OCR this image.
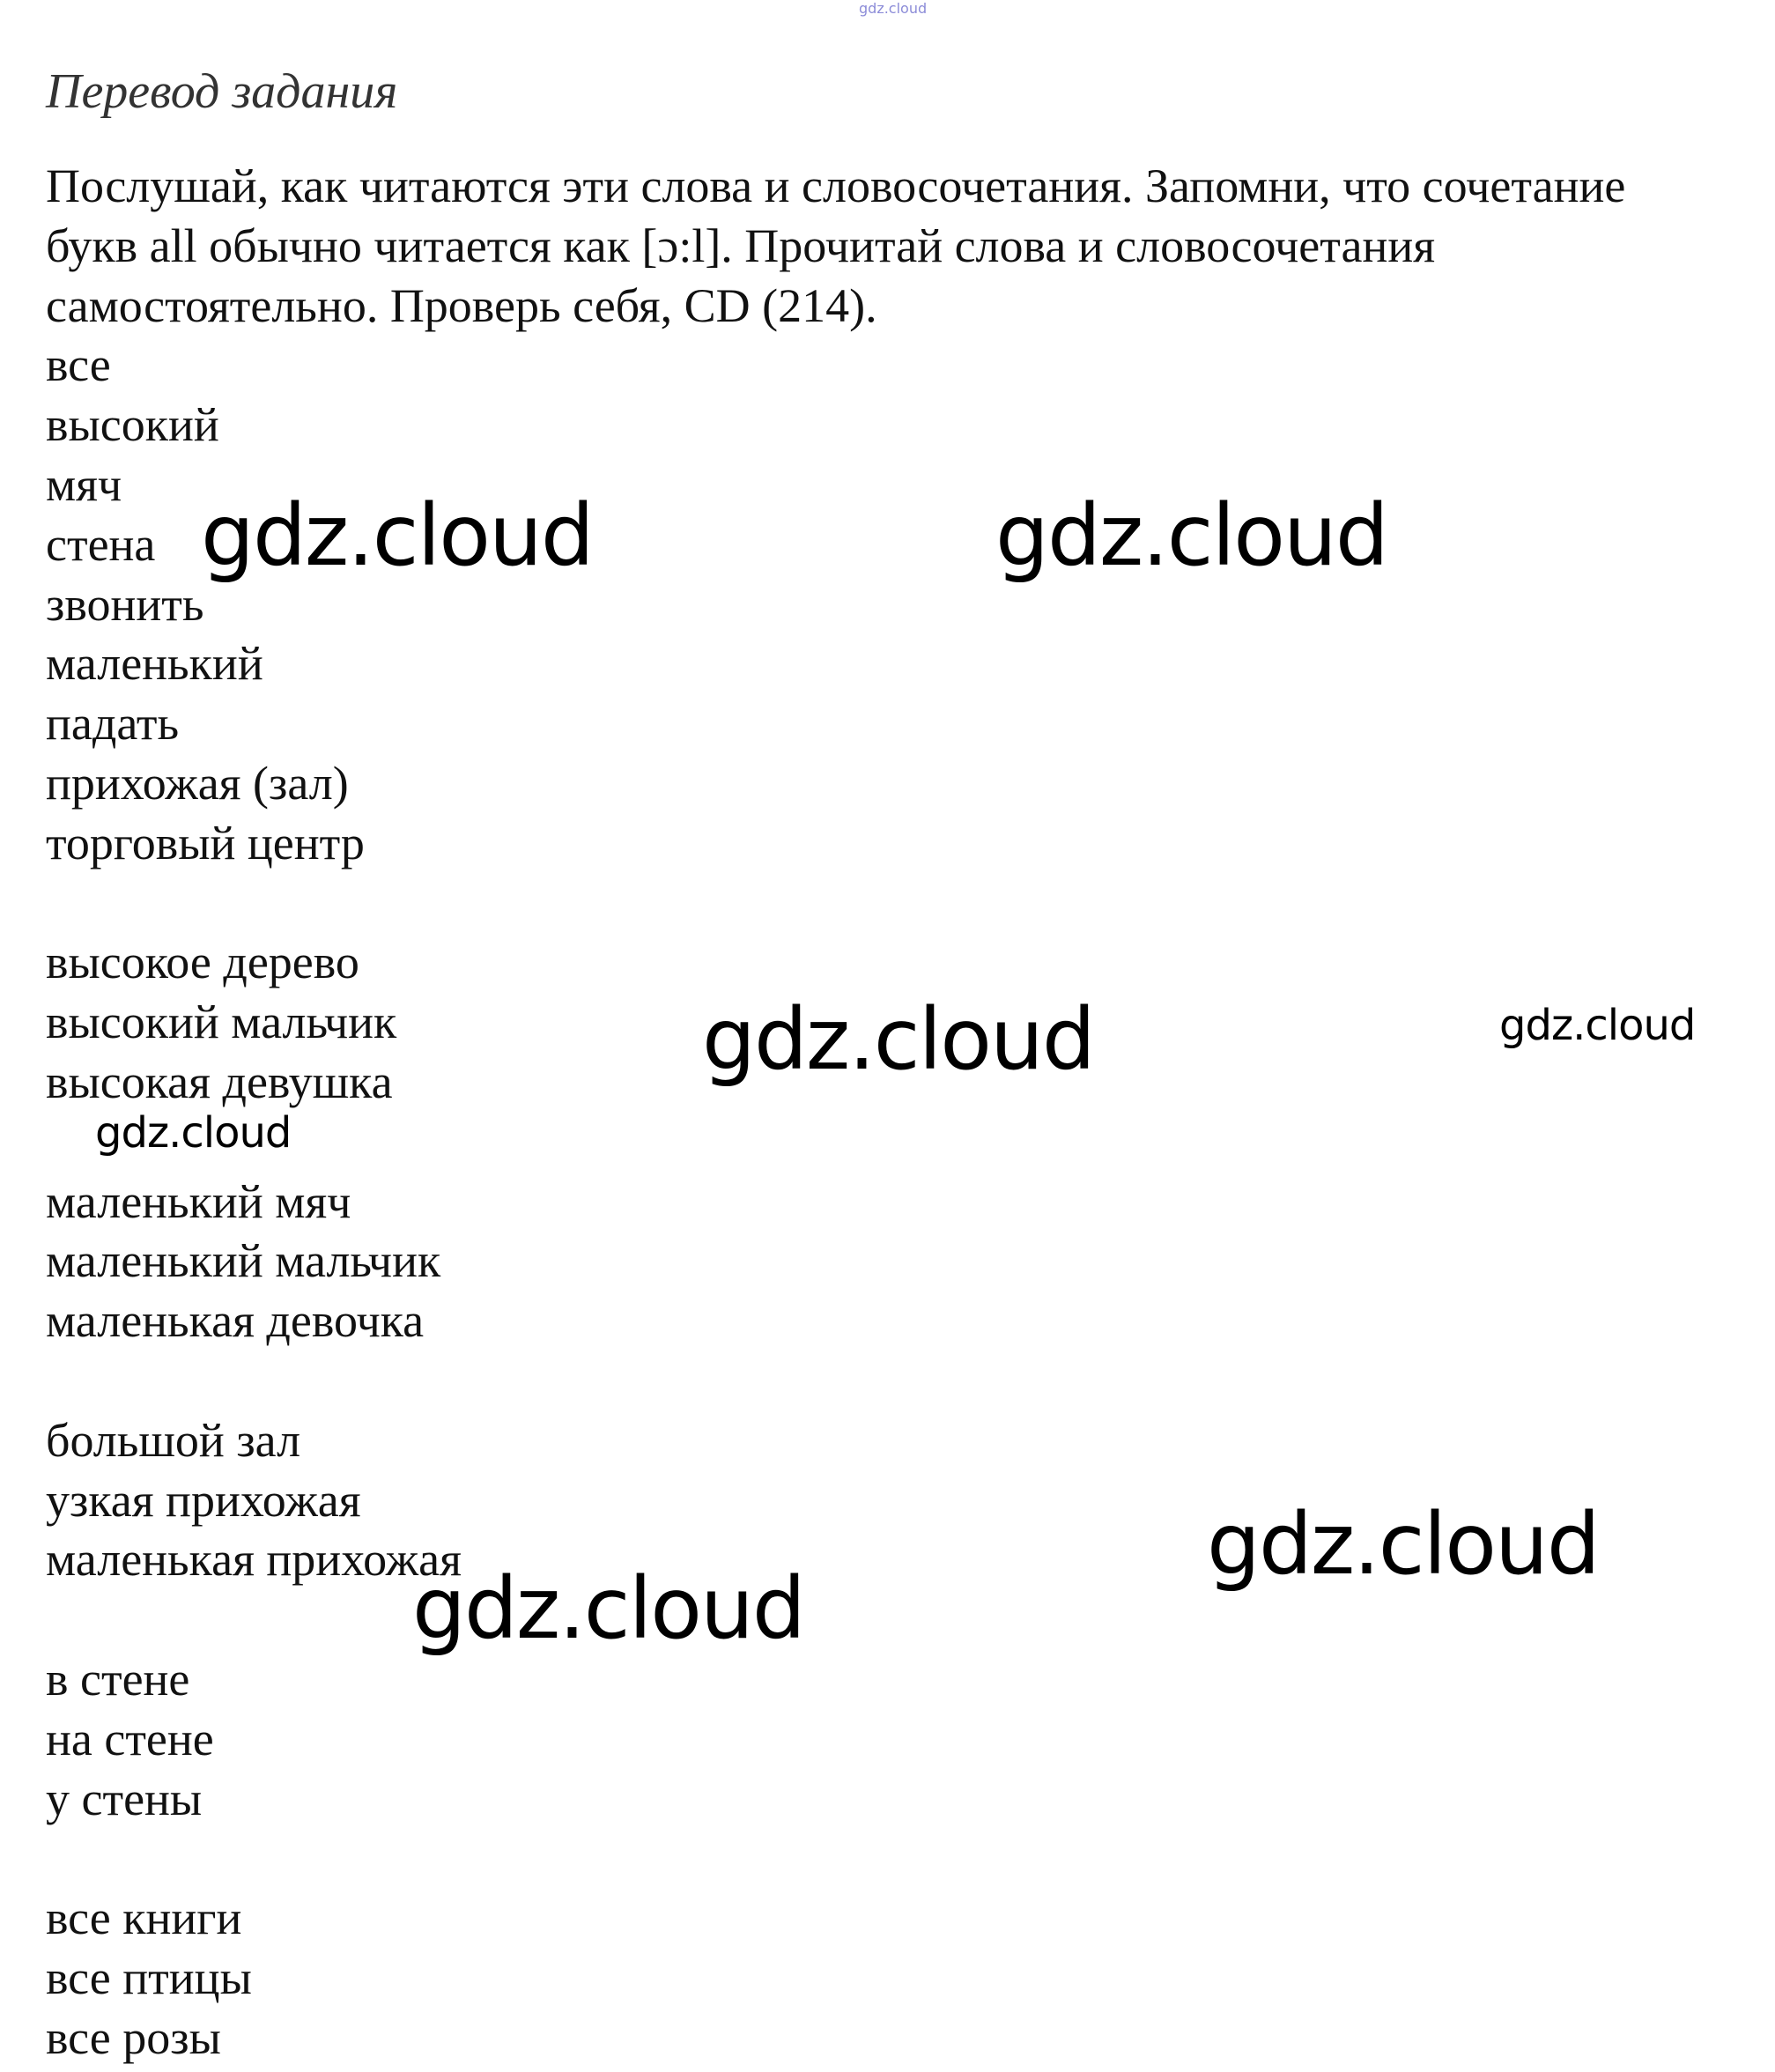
gdz.cloud
Перевод задания
Послушай, как читаются эти слова и словосочетания. Запомни, что сочетание
букв all обычно читается как [ɔ:l]. Прочитай слова и словосочетания
самостоятельно. Проверь себя, CD (214).
все
высокий
мяч
стена
звонить
маленький
падать
прихожая (зал)
торговый центр
высокое дерево
высокий мальчик
высокая девушка
маленький мяч
маленький мальчик
маленькая девочка
большой зал
узкая прихожая
маленькая прихожая
в стене
на стене
у стены
все книги
все птицы
все розы
gdz.cloud	gdz.cloud
gdz.cloud	gdz.cloud
gdz.cloud
gdz.cloud
gdz.cloud
